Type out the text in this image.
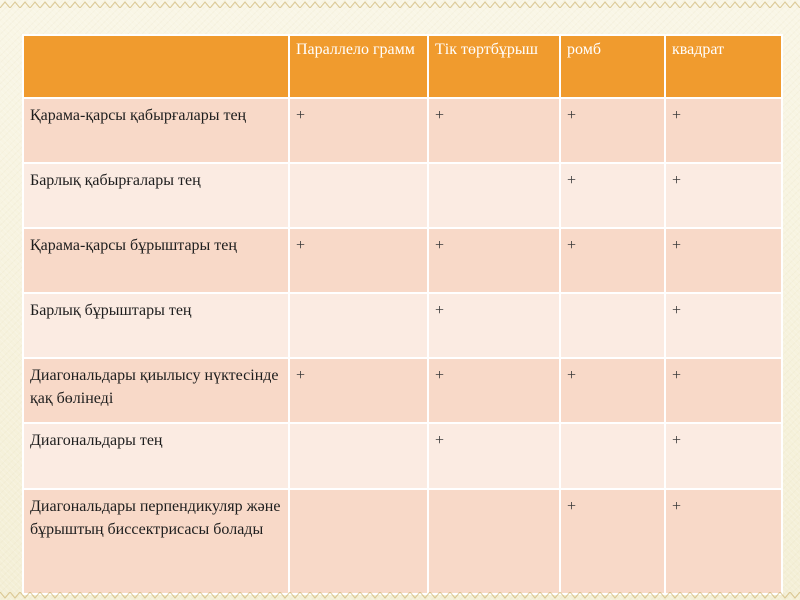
	Параллело грамм	Тік төртбұрыш	ромб	квадрат
Қарама-қарсы қабырғалары тең	+	+	+	+
Барлық қабырғалары тең			+	+
Қарама-қарсы бұрыштары тең	+	+	+	+
Барлық бұрыштары тең		+		+
Диагональдары қиылысу нүктесінде қақ бөлінеді	+	+	+	+
Диагональдары тең		+		+
Диагональдары перпендикуляр және бұрыштың биссектрисасы болады			+	+
